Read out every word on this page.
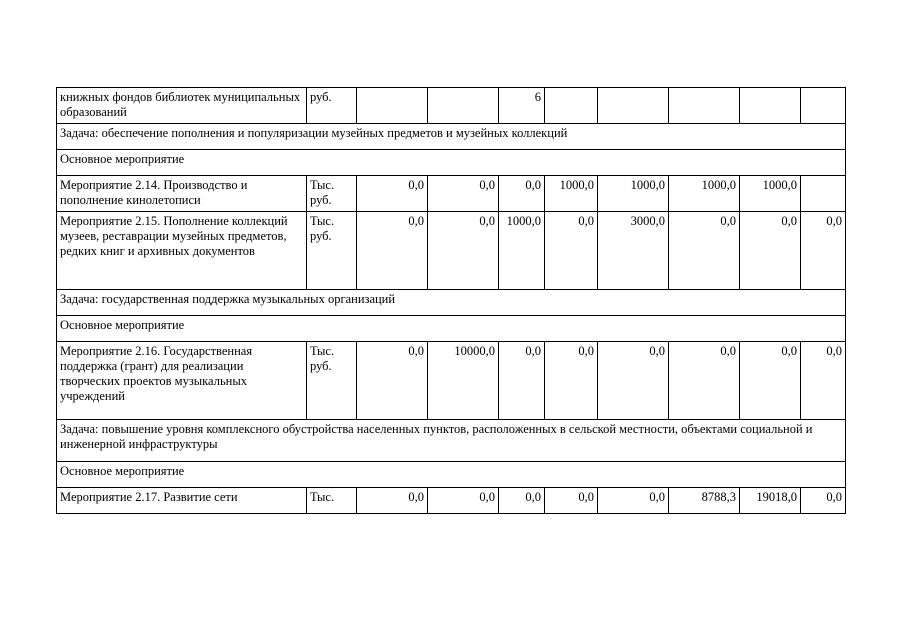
книжных фондов библиотек муниципальных образований	руб.			6					
Задача: обеспечение пополнения и популяризации музейных предметов и музейных коллекций									
Основное мероприятие									
Мероприятие 2.14. Производство и пополнение кинолетописи	Тыс. руб.	0,0	0,0	0,0	1000,0	1000,0	1000,0	1000,0	
Мероприятие 2.15. Пополнение коллекций музеев, реставрации музейных предметов, редких книг и архивных документов	Тыс. руб.	0,0	0,0	1000,0	0,0	3000,0	0,0	0,0	0,0
Задача: государственная поддержка музыкальных организаций									
Основное мероприятие									
Мероприятие 2.16. Государственная поддержка (грант) для реализации творческих проектов музыкальных учреждений	Тыс. руб.	0,0	10000,0	0,0	0,0	0,0	0,0	0,0	0,0
Задача: повышение уровня комплексного обустройства населенных пунктов, расположенных в сельской местности, объектами социальной и инженерной инфраструктуры									
Основное мероприятие									
Мероприятие 2.17. Развитие сети	Тыс.	0,0	0,0	0,0	0,0	0,0	8788,3	19018,0	0,0
